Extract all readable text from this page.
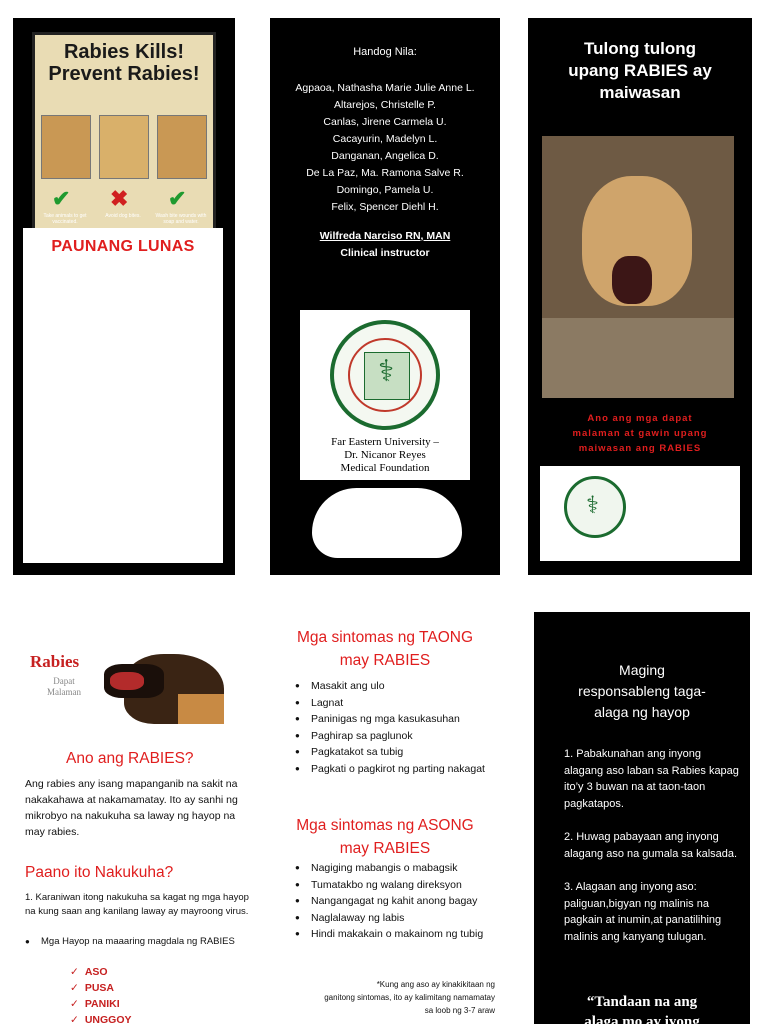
Rabies Kills!
Prevent Rabies!
✔ ✖ ✔
Take animals to get vaccinated.
Avoid dog bites.	Wash bite wounds with soap and water.
PAUNANG LUNAS

1. Kaagad hugasan (sa tuloy–tuloy napagdaloy ng tubig) ang sugat ng sabon at malinis na tubig. Maaari ding gumamit ng betadine at alcohol.

2. Pumunta sa pinakamalapit na pagamutan upang mabigyan ng kaukulang lunas.

3. Obserbahan ang aso sa loob ng 2 linggo. Kapag ang aso ay namatay o naulol, pumunta kaagad sa doctor

4. Magpabakuna kaagad habang hinihintay ang resulta

5. Kapag nakagat ng hindi kilala o hindi matagpuang aso, magpabakuna kaagad.

Handog Nila:
Agpaoa, Nathasha Marie Julie Anne L.
Altarejos, Christelle P.
Canlas, Jirene Carmela U.
Cacayurin, Madelyn L.
Danganan, Angelica D.
De La Paz, Ma. Ramona Salve R.
Domingo, Pamela U.
Felix, Spencer Diehl H.
Wilfreda Narciso RN, MAN
Clinical instructor
⚕
Far Eastern University –
Dr. Nicanor Reyes
Medical Foundation
Tulong tulong
upang RABIES ay
maiwasan
Ano ang mga dapat
malaman at gawin upang
maiwasan ang RABIES
⚕	BSN 3B-1
FEU-NRMF
Rabies
Dapat
Malaman
Ano ang RABIES?
Ang rabies any isang mapanganib na sakit na nakakahawa at nakamamatay. Ito ay sanhi ng mikrobyo na nakukuha sa laway ng hayop na may rabies.
Paano ito Nakukuha?
1. Karaniwan itong nakukuha sa kagat ng mga hayop na kung saan ang kanilang laway ay mayroong virus.
● Mga Hayop na maaaring magdala ng RABIES
✓ ASO
✓ PUSA
✓ PANIKI
✓ UNGGOY
Mga sintomas ng TAONG
may RABIES
● Masakit ang ulo
● Lagnat
● Paninigas ng mga kasukasuhan
● Paghirap sa paglunok
● Pagkatakot sa tubig
● Pagkati o pagkirot ng parting nakagat
Mga sintomas ng ASONG
may RABIES
● Nagiging mabangis o mabagsik
● Tumatakbo ng walang direksyon
● Nangangagat ng kahit anong bagay
● Naglalaway ng labis
● Hindi makakain o makainom ng tubig
*Kung ang aso ay kinakikitaan ng
ganitong sintomas, ito ay kalimitang namamatay
sa loob ng 3-7 araw
Maging
responsableng taga-
alaga ng hayop

1. Pabakunahan ang inyong alagang aso laban sa Rabies kapag ito’y 3 buwan na at taon-taon pagkatapos.

2. Huwag pabayaan ang inyong alagang aso na gumala sa kalsada.

3. Alagaan ang inyong aso: paliguan,bigyan ng malinis na pagkain at inumin,at panatilihing malinis ang kanyang tulugan.

“Tandaan na ang
alaga mo ay iyong
